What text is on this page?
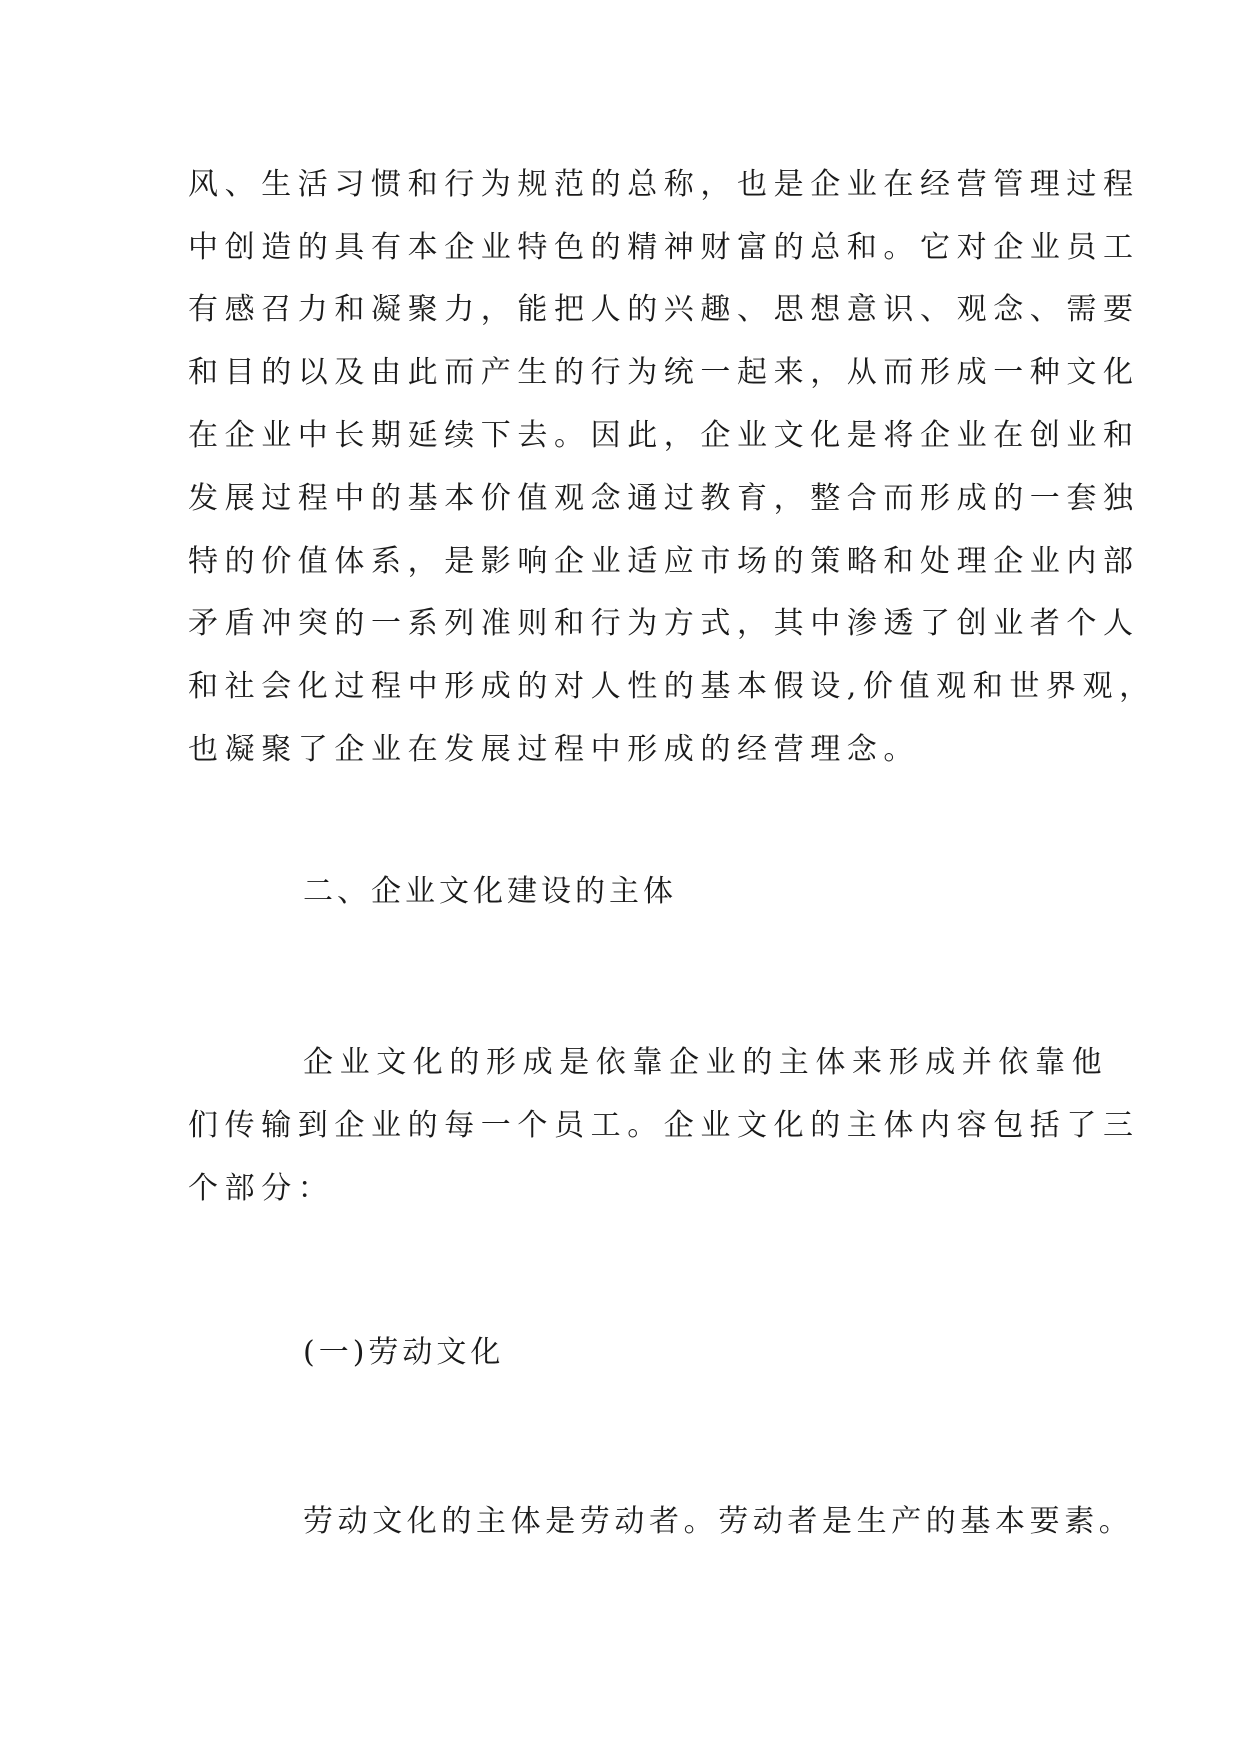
风、生活习惯和行为规范的总称，也是企业在经营管理过程
中创造的具有本企业特色的精神财富的总和。它对企业员工
有感召力和凝聚力，能把人的兴趣、思想意识、观念、需要
和目的以及由此而产生的行为统一起来，从而形成一种文化
在企业中长期延续下去。因此，企业文化是将企业在创业和
发展过程中的基本价值观念通过教育，整合而形成的一套独
特的价值体系，是影响企业适应市场的策略和处理企业内部
矛盾冲突的一系列准则和行为方式，其中渗透了创业者个人
和社会化过程中形成的对人性的基本假设,价值观和世界观，
也凝聚了企业在发展过程中形成的经营理念。
二、企业文化建设的主体
企业文化的形成是依靠企业的主体来形成并依靠他
们传输到企业的每一个员工。企业文化的主体内容包括了三
个部分：
(一)劳动文化
劳动文化的主体是劳动者。劳动者是生产的基本要素。
